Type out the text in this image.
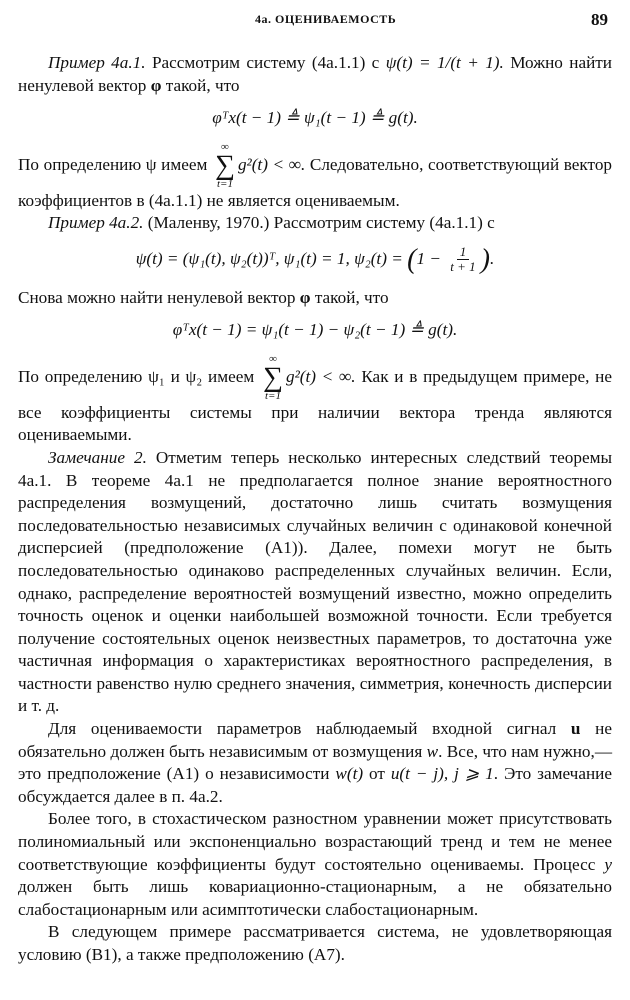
4а. ОЦЕНИВАЕМОСТЬ	89

Пример 4а.1. Рассмотрим систему (4а.1.1) с ψ(t) = 1/(t + 1). Можно найти ненулевой вектор φ такой, что

φᵀx(t − 1) ≜ ψ₁(t − 1) ≜ g(t).

По определению ψ имеем
∞
∑
t=1
g²(t) < ∞. Следовательно, соответствующий вектор коэффициентов в (4а.1.1) не является оцениваемым.

Пример 4а.2. (Маленву, 1970.) Рассмотрим систему (4а.1.1) с

ψ(t) = (ψ₁(t), ψ₂(t))ᵀ, ψ₁(t) = 1, $\psi_2(t) = (1 - \frac{1}{t + 1}$ ).

Снова можно найти ненулевой вектор φ такой, что

φᵀx(t − 1) = ψ₁(t − 1) − ψ₂(t − 1) ≜ g(t).

По определению ψ₁ и ψ₂ имеем
∞
∑
t=1
g²(t) < ∞. Как и в предыдущем примере, не все коэффициенты системы при наличии вектора тренда являются оцениваемыми.

Замечание 2. Отметим теперь несколько интересных следствий теоремы 4а.1. В теореме 4а.1 не предполагается полное знание вероятностного распределения возмущений, достаточно лишь считать возмущения последовательностью независимых случайных величин с одинаковой конечной дисперсией (предположение (A1)). Далее, помехи могут не быть последовательностью одинаково распределенных случайных величин. Если, однако, распределение вероятностей возмущений известно, можно определить точность оценок и оценки наибольшей возможной точности. Если требуется получение состоятельных оценок неизвестных параметров, то достаточна уже частичная информация о характеристиках вероятностного распределения, в частности равенство нулю среднего значения, симметрия, конечность дисперсии и т. д.

Для оцениваемости параметров наблюдаемый входной сигнал u не обязательно должен быть независимым от возмущения w. Все, что нам нужно,— это предположение (A1) о независимости w(t) от u(t − j), j ⩾ 1. Это замечание обсуждается далее в п. 4а.2.

Более того, в стохастическом разностном уравнении может присутствовать полиномиальный или экспоненциально возрастающий тренд и тем не менее соответствующие коэффициенты будут состоятельно оцениваемы. Процесс y должен быть лишь ковариационно-стационарным, а не обязательно слабостационарным или асимптотически слабостационарным.

В следующем примере рассматривается система, не удовлетворяющая условию (B1), а также предположению (A7).
